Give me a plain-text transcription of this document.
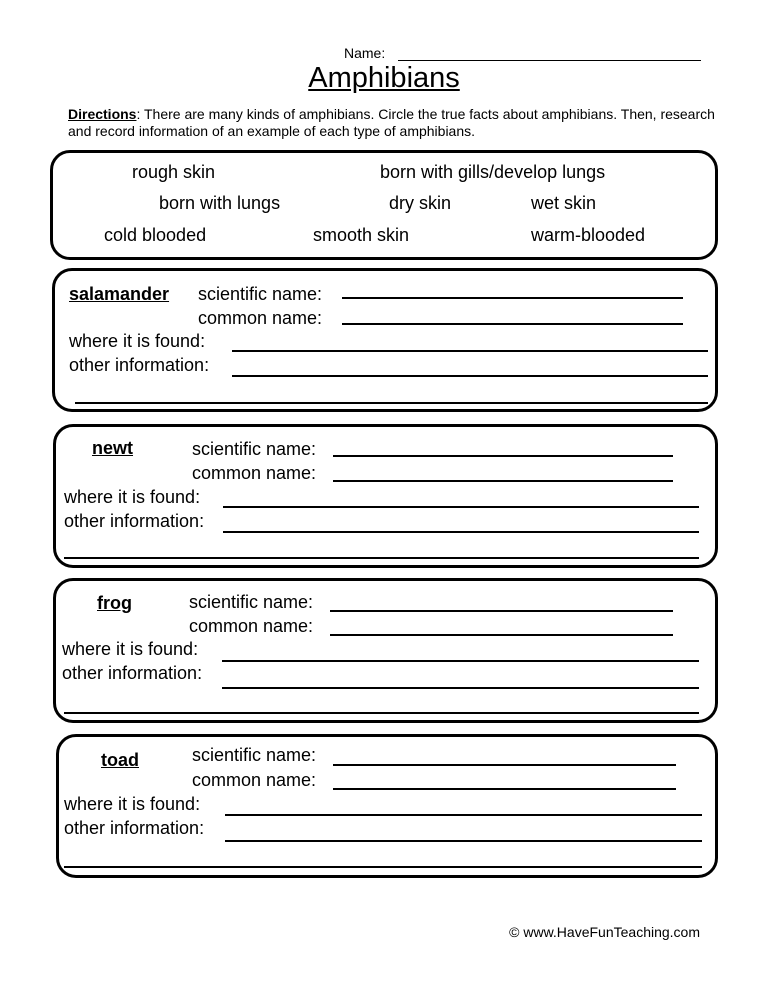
Name:
Amphibians
Directions: There are many kinds of amphibians. Circle the true facts about amphibians. Then, research and record information of an example of each type of amphibians.
rough skin	born with gills/develop lungs
born with lungs	dry skin	wet skin
cold blooded	smooth skin	warm-blooded
salamander scientific name:
common name:
where it is found:
other information:
newt	scientific name:
common name:
where it is found:
other information:
frog	scientific name:
common name:
where it is found:
other information:
toad	scientific name:
common name:
where it is found:
other information:
© www.HaveFunTeaching.com
